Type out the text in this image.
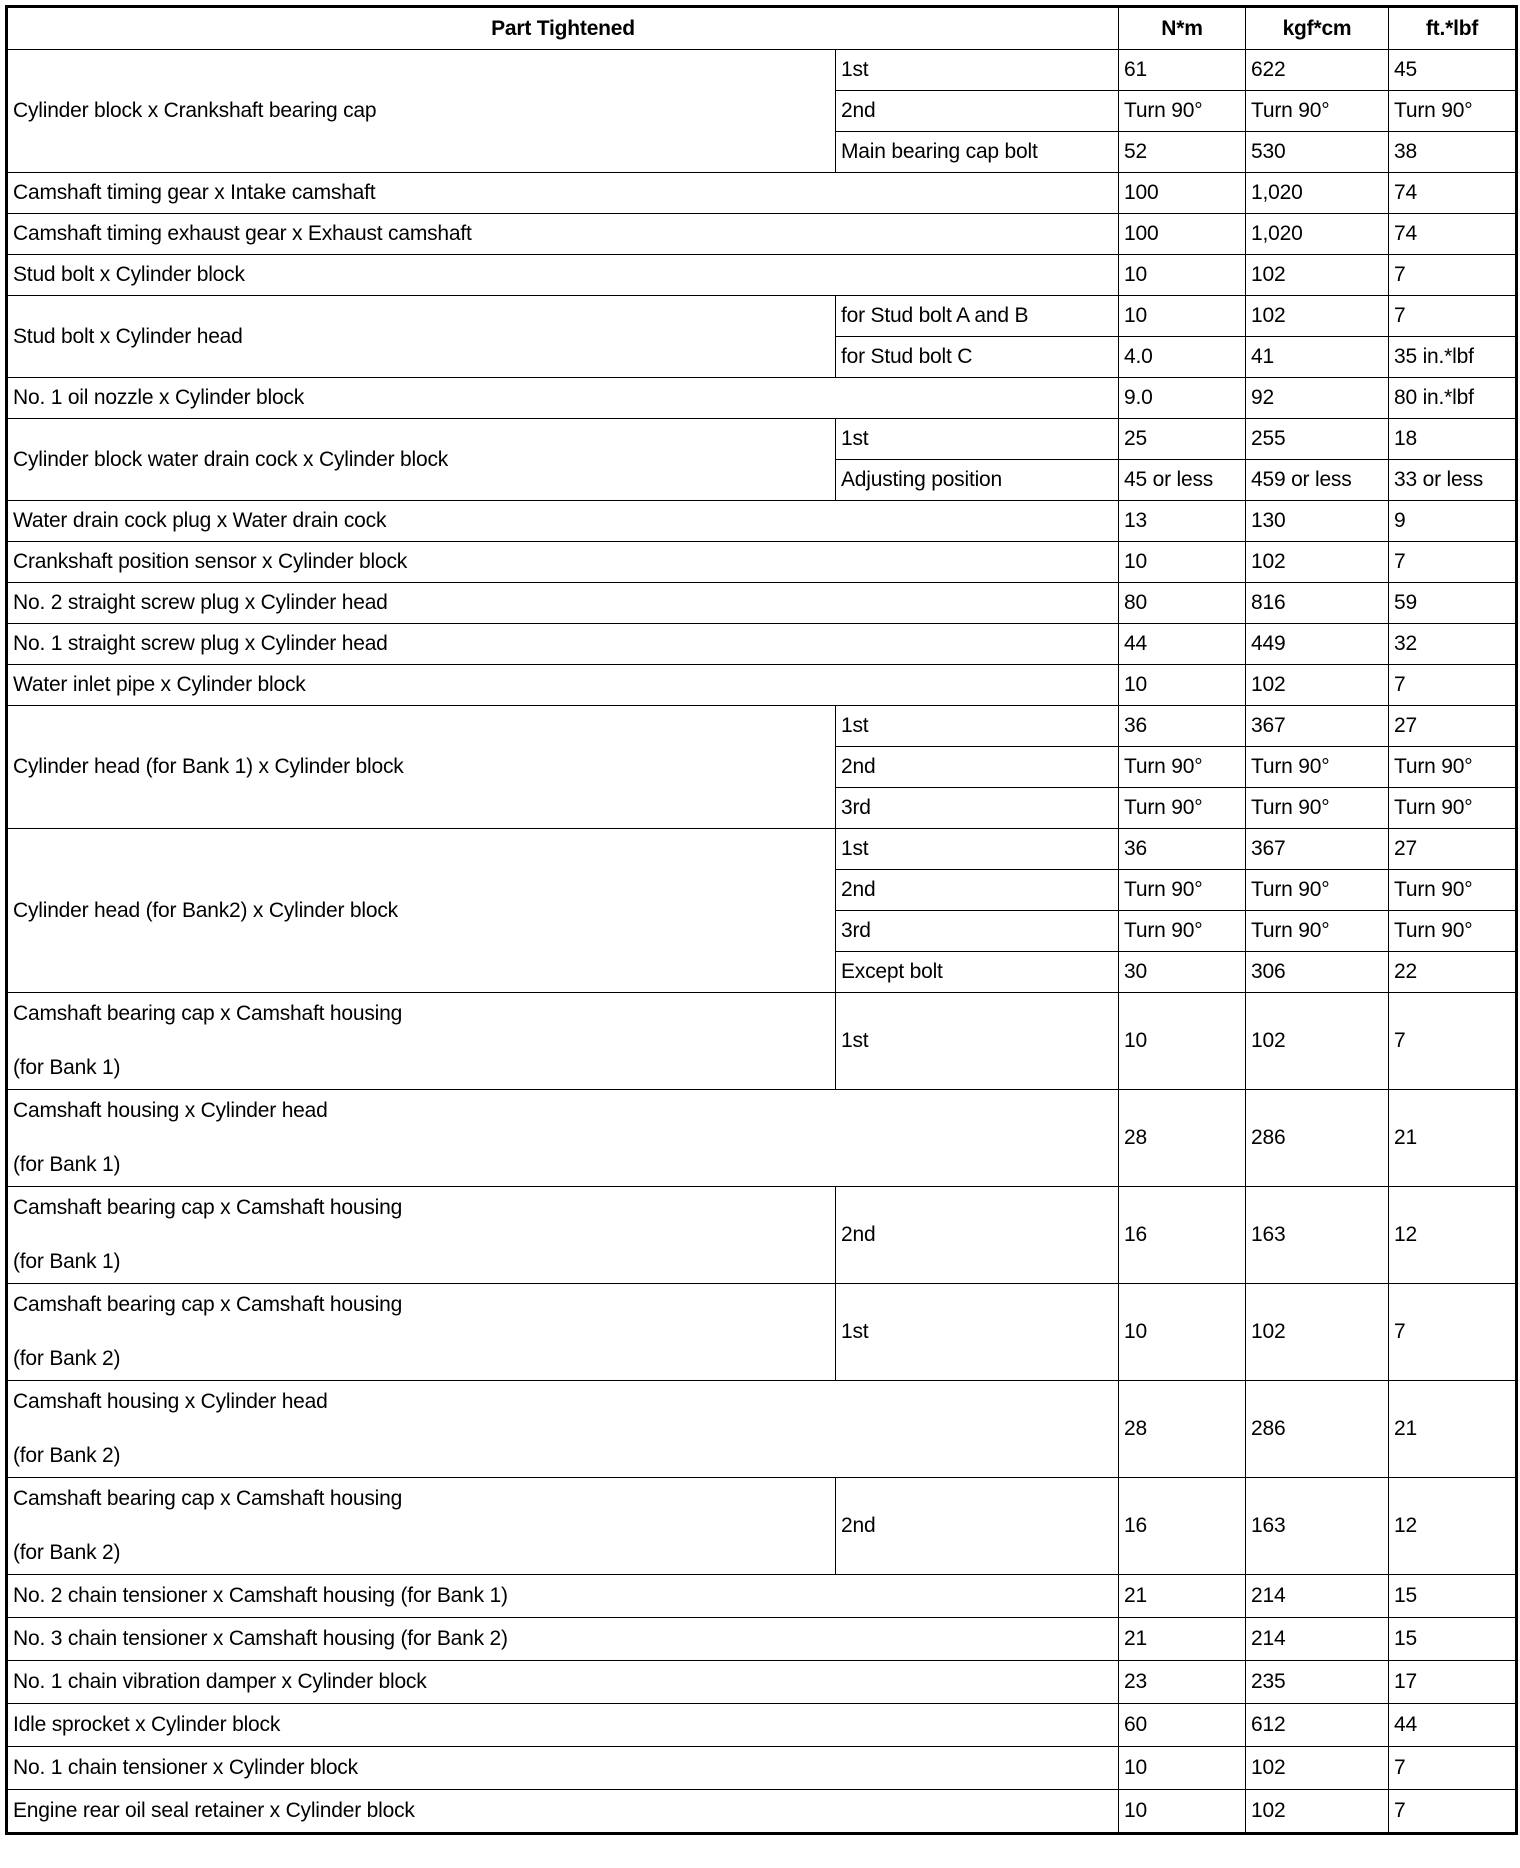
Part Tightened		N*m	kgf*cm	ft.*lbf
Cylinder block x Crankshaft bearing cap	1st	61	622	45
	2nd	Turn 90°	Turn 90°	Turn 90°
	Main bearing cap bolt	52	530	38
Camshaft timing gear x Intake camshaft		100	1,020	74
Camshaft timing exhaust gear x Exhaust camshaft		100	1,020	74
Stud bolt x Cylinder block		10	102	7
Stud bolt x Cylinder head	for Stud bolt A and B	10	102	7
	for Stud bolt C	4.0	41	35 in.*lbf
No. 1 oil nozzle x Cylinder block		9.0	92	80 in.*lbf
Cylinder block water drain cock x Cylinder block	1st	25	255	18
	Adjusting position	45 or less	459 or less	33 or less
Water drain cock plug x Water drain cock		13	130	9
Crankshaft position sensor x Cylinder block		10	102	7
No. 2 straight screw plug x Cylinder head		80	816	59
No. 1 straight screw plug x Cylinder head		44	449	32
Water inlet pipe x Cylinder block		10	102	7
Cylinder head (for Bank 1) x Cylinder block	1st	36	367	27
	2nd	Turn 90°	Turn 90°	Turn 90°
	3rd	Turn 90°	Turn 90°	Turn 90°
Cylinder head (for Bank2) x Cylinder block	1st	36	367	27
	2nd	Turn 90°	Turn 90°	Turn 90°
	3rd	Turn 90°	Turn 90°	Turn 90°
	Except bolt	30	306	22

Camshaft bearing cap x Camshaft housing
(for Bank 1)	1st	10	102	7

Camshaft housing x Cylinder head
(for Bank 1)		28	286	21

Camshaft bearing cap x Camshaft housing
(for Bank 1)	2nd	16	163	12

Camshaft bearing cap x Camshaft housing
(for Bank 2)	1st	10	102	7

Camshaft housing x Cylinder head
(for Bank 2)		28	286	21

Camshaft bearing cap x Camshaft housing
(for Bank 2)	2nd	16	163	12
No. 2 chain tensioner x Camshaft housing (for Bank 1)		21	214	15
No. 3 chain tensioner x Camshaft housing (for Bank 2)		21	214	15
No. 1 chain vibration damper x Cylinder block		23	235	17
Idle sprocket x Cylinder block		60	612	44
No. 1 chain tensioner x Cylinder block		10	102	7
Engine rear oil seal retainer x Cylinder block		10	102	7
